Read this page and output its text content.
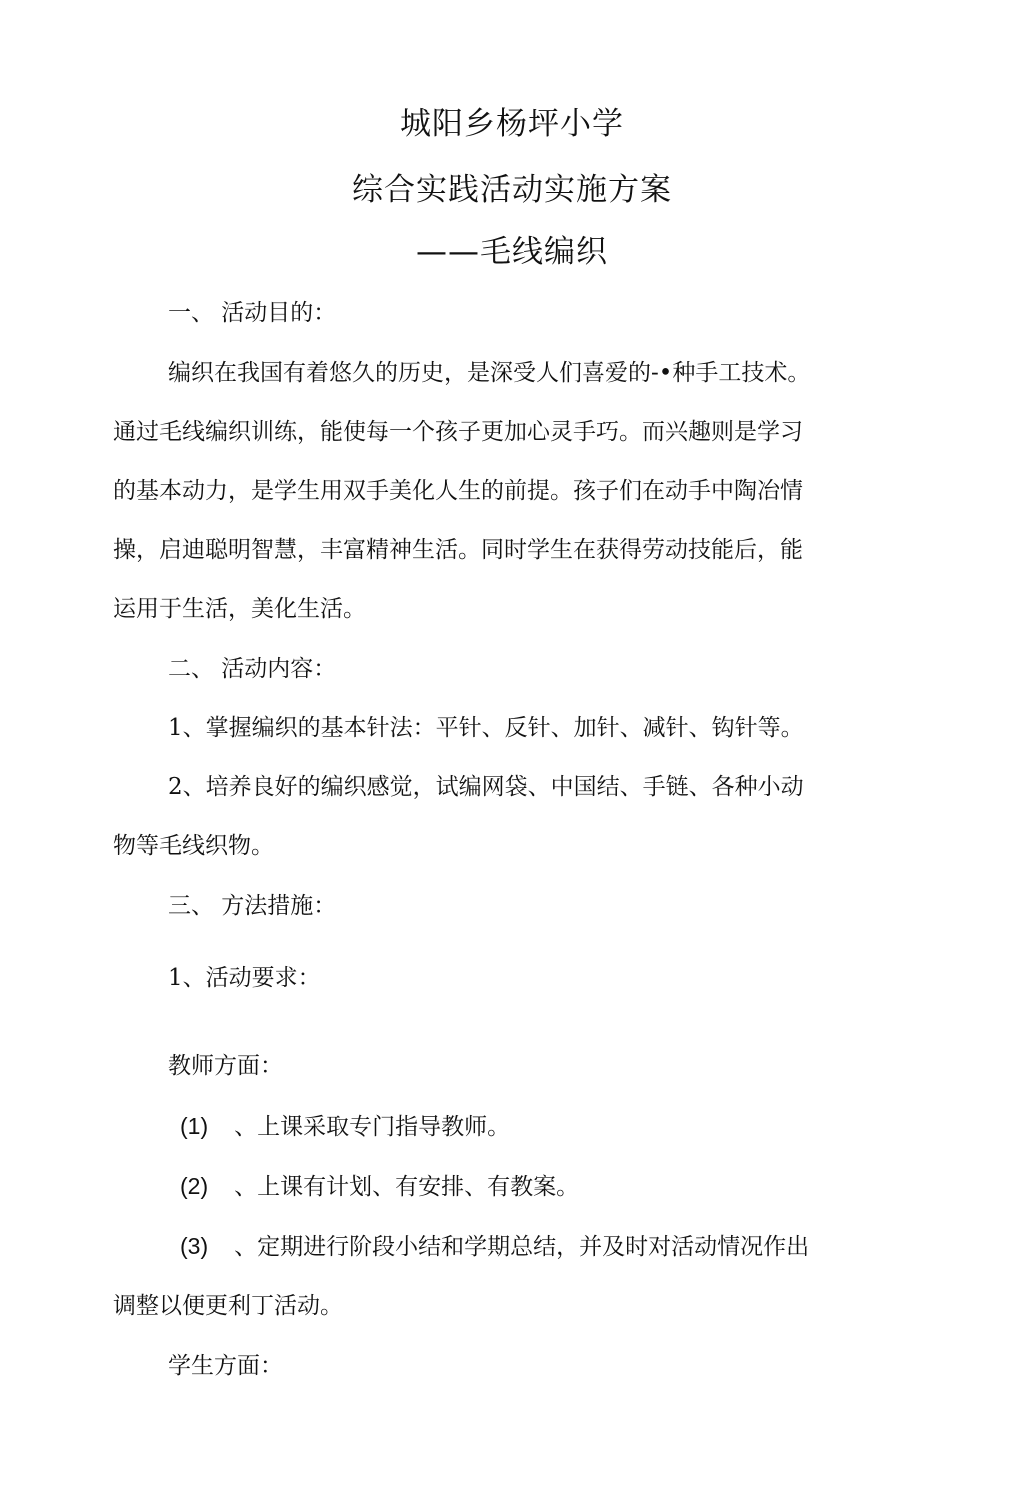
城阳乡杨坪小学
综合实践活动实施方案
——毛线编织
一、 活动目的：
编织在我国有着悠久的历史，是深受人们喜爱的-•种手工技术。
通过毛线编织训练，能使每一个孩子更加心灵手巧。而兴趣则是学习
的基本动力，是学生用双手美化人生的前提。孩子们在动手中陶冶情
操，启迪聪明智慧，丰富精神生活。同时学生在获得劳动技能后，能
运用于生活，美化生活。
二、 活动内容：
1、掌握编织的基本针法：平针、反针、加针、减针、钩针等。
2、培养良好的编织感觉，试编网袋、中国结、手链、各种小动
物等毛线织物。
三、 方法措施：
1、活动要求：
教师方面：
(1) 、上课采取专门指导教师。
(2) 、上课有计划、有安排、有教案。
(3) 、定期进行阶段小结和学期总结，并及时对活动情况作出
调整以便更利丁活动。
学生方面：
